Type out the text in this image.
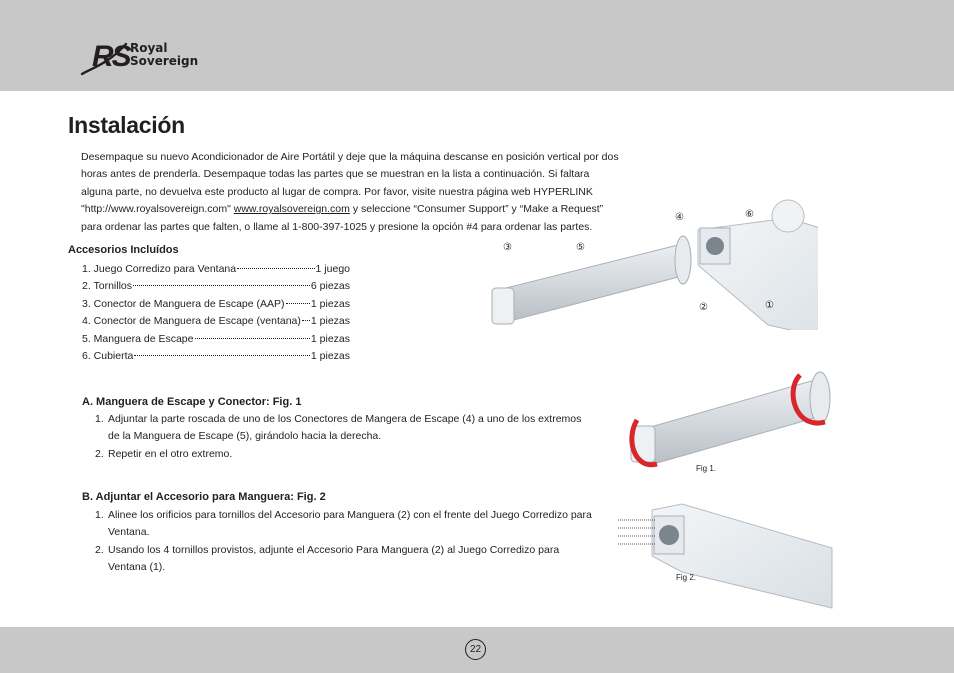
RS Royal
Sovereign
Instalación
Desempaque su nuevo Acondicionador de Aire Portátil y deje que la máquina descanse en posición vertical por dos
horas antes de prenderla. Desempaque todas las partes que se muestran en la lista a continuación. Si faltara
alguna parte, no devuelva este producto al lugar de compra. Por favor, visite nuestra página web HYPERLINK
"http://www.royalsovereign.com" www.royalsovereign.com y seleccione “Consumer Support” y “Make a Request”
para ordenar las partes que falten, o llame al 1-800-397-1025 y presione la opción #4 para ordenar las partes.
Accesorios Incluídos
1. Juego Corredizo para Ventana	1 juego
2. Tornillos	6 piezas
3. Conector de Manguera de Escape (AAP)	1 piezas
4. Conector de Manguera de Escape (ventana) 1 piezas
5. Manguera de Escape	1 piezas
6. Cubierta	1 piezas
A. Manguera de Escape y Conector: Fig. 1
1. Adjuntar la parte roscada de uno de los Conectores de Mangera de Escape (4) a uno de los extremos de la Manguera de Escape (5), girándolo hacia la derecha.
2. Repetir en el otro extremo.
B. Adjuntar el Accesorio para Manguera: Fig. 2
1. Alinee los orificios para tornillos del Accesorio para Manguera (2) con el frente del Juego Corredizo para Ventana.
2. Usando los 4 tornillos provistos, adjunte el Accesorio Para Manguera (2) al Juego Corredizo para Ventana (1).
③	⑤
④	⑥
②	①
Fig 1.
Fig 2.
22
